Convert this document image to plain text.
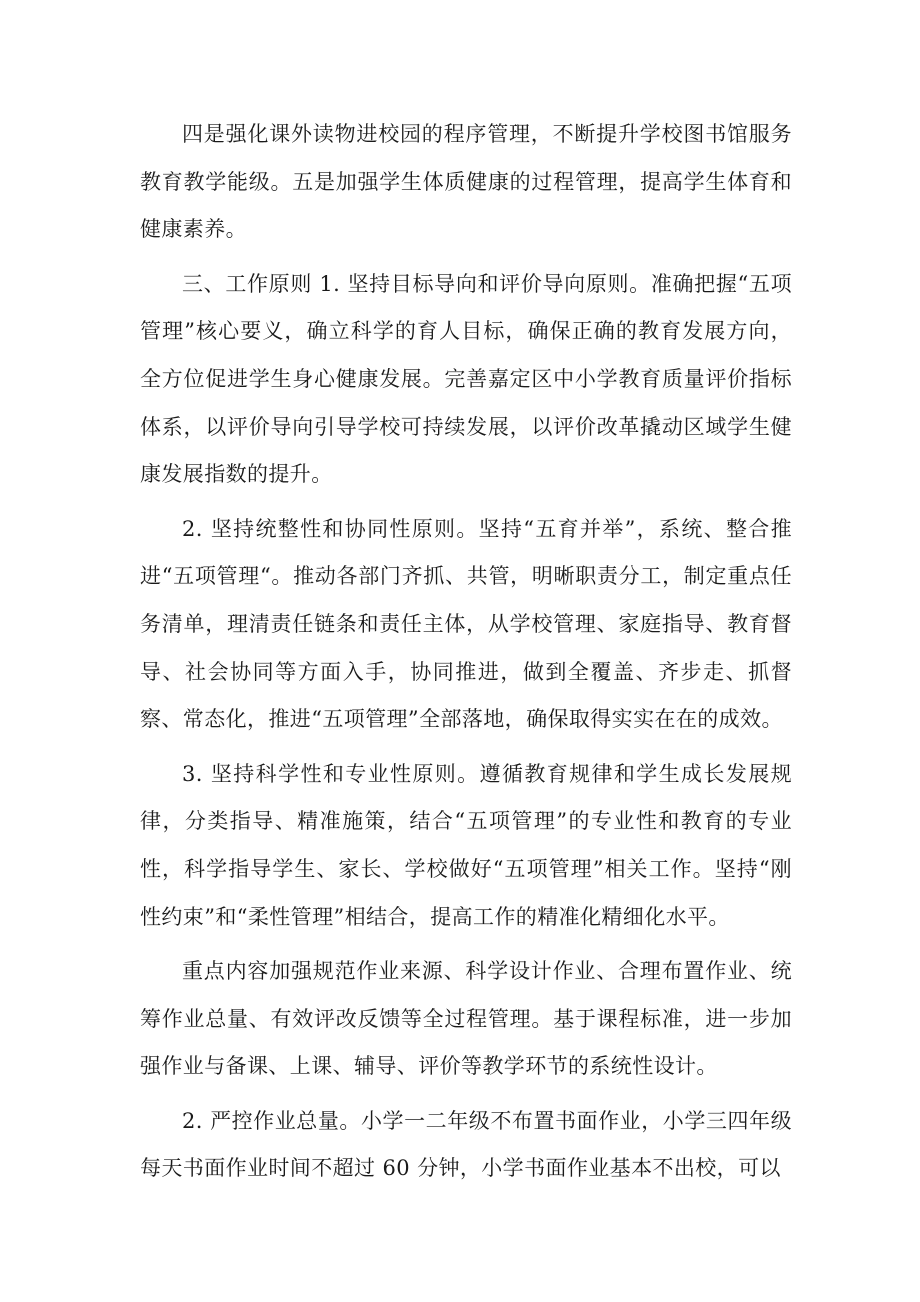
四是强化课外读物进校园的程序管理，不断提升学校图书馆服务教育教学能级。五是加强学生体质健康的过程管理，提高学生体育和健康素养。

三、工作原则 1. 坚持目标导向和评价导向原则。准确把握“五项管理”核心要义，确立科学的育人目标，确保正确的教育发展方向，全方位促进学生身心健康发展。完善嘉定区中小学教育质量评价指标体系，以评价导向引导学校可持续发展，以评价改革撬动区域学生健康发展指数的提升。

2. 坚持统整性和协同性原则。坚持“五育并举”，系统、整合推进“五项管理“。推动各部门齐抓、共管，明晰职责分工，制定重点任务清单，理清责任链条和责任主体，从学校管理、家庭指导、教育督导、社会协同等方面入手，协同推进，做到全覆盖、齐步走、抓督察、常态化，推进“五项管理”全部落地，确保取得实实在在的成效。

3. 坚持科学性和专业性原则。遵循教育规律和学生成长发展规律，分类指导、精准施策，结合“五项管理”的专业性和教育的专业性，科学指导学生、家长、学校做好“五项管理”相关工作。坚持“刚性约束”和“柔性管理”相结合，提高工作的精准化精细化水平。

重点内容加强规范作业来源、科学设计作业、合理布置作业、统筹作业总量、有效评改反馈等全过程管理。基于课程标准，进一步加强作业与备课、上课、辅导、评价等教学环节的系统性设计。

2. 严控作业总量。小学一二年级不布置书面作业，小学三四年级每天书面作业时间不超过 60 分钟，小学书面作业基本不出校，可以
